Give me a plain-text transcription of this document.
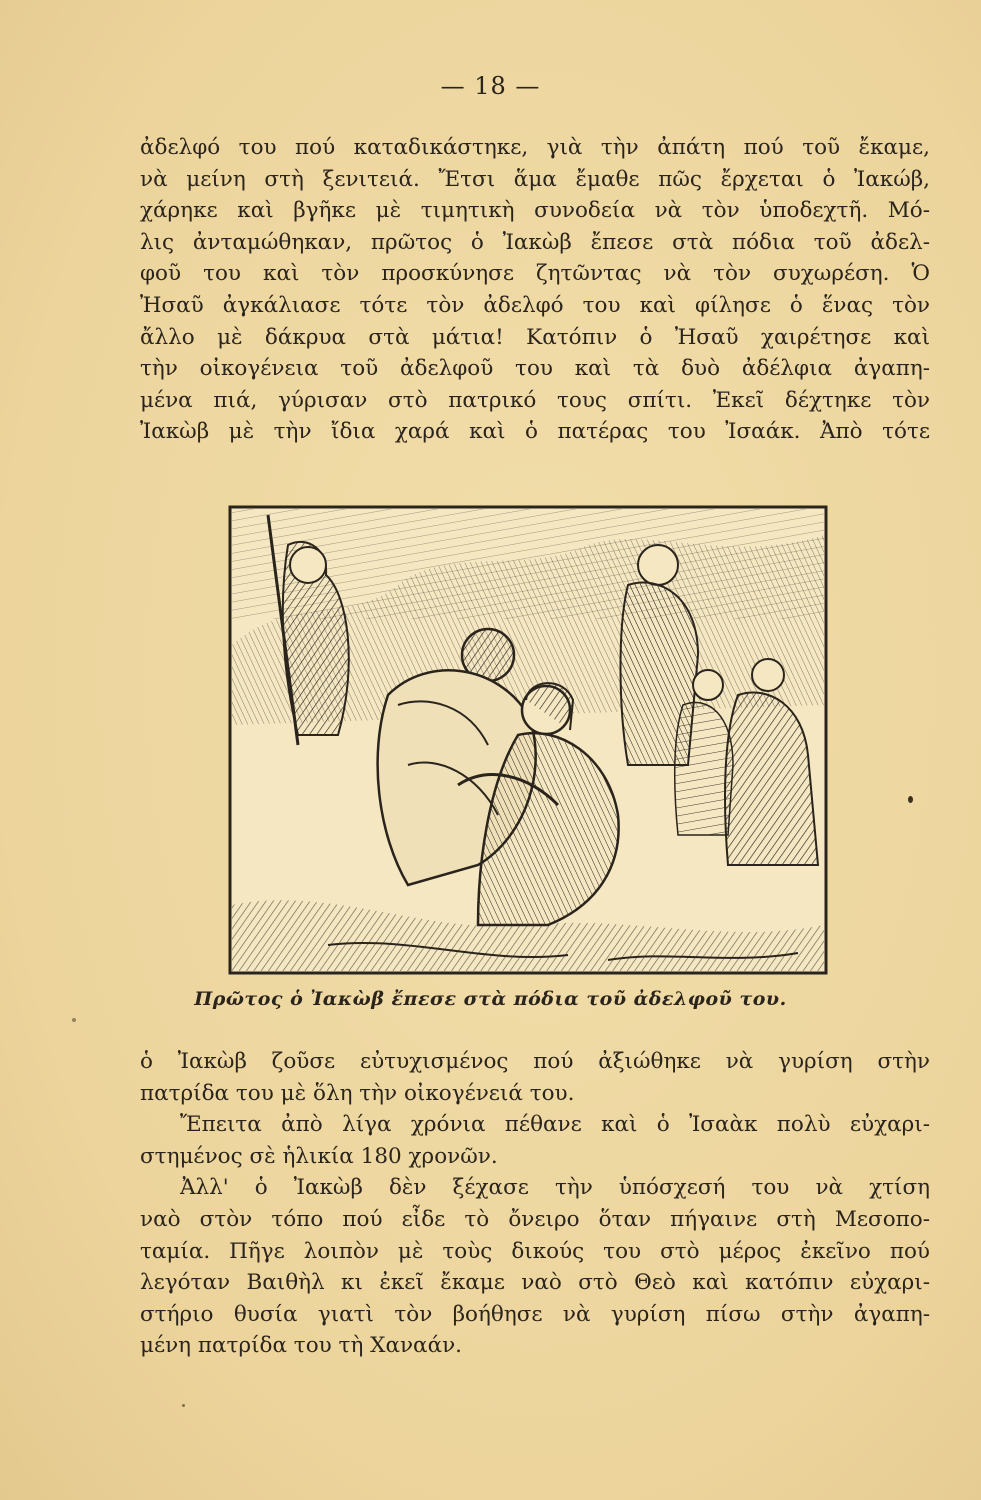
— 18 —
ἀδελφό του πού καταδικάστηκε, γιὰ τὴν ἀπάτη πού τοῦ ἔκαμε,
νὰ μείνη στὴ ξενιτειά. Ἔτσι ἅμα ἔμαθε πῶς ἔρχεται ὁ Ἰακώβ,
χάρηκε καὶ βγῆκε μὲ τιμητικὴ συνοδεία νὰ τὸν ὑποδεχτῆ. Μό-
λις ἀνταμώθηκαν, πρῶτος ὁ Ἰακὼβ ἔπεσε στὰ πόδια τοῦ ἀδελ-
φοῦ του καὶ τὸν προσκύνησε ζητῶντας νὰ τὸν συχωρέση. Ὁ
Ἠσαῦ ἀγκάλιασε τότε τὸν ἀδελφό του καὶ φίλησε ὁ ἕνας τὸν
ἄλλο μὲ δάκρυα στὰ μάτια! Κατόπιν ὁ Ἠσαῦ χαιρέτησε καὶ
τὴν οἰκογένεια τοῦ ἀδελφοῦ του καὶ τὰ δυὸ ἀδέλφια ἀγαπη-
μένα πιά, γύρισαν στὸ πατρικό τους σπίτι. Ἐκεῖ δέχτηκε τὸν
Ἰακὼβ μὲ τὴν ἴδια χαρά καὶ ὁ πατέρας του Ἰσαάκ. Ἀπὸ τότε
Πρῶτος ὁ Ἰακὼβ ἔπεσε στὰ πόδια τοῦ ἀδελφοῦ του.
ὁ Ἰακὼβ ζοῦσε εὐτυχισμένος πού ἀξιώθηκε νὰ γυρίση στὴν
πατρίδα του μὲ ὅλη τὴν οἰκογένειά του.
Ἔπειτα ἀπὸ λίγα χρόνια πέθανε καὶ ὁ Ἰσαὰκ πολὺ εὐχαρι-
στημένος σὲ ἡλικία 180 χρονῶν.
Ἀλλ' ὁ Ἰακὼβ δὲν ξέχασε τὴν ὑπόσχεσή του νὰ χτίση
ναὸ στὸν τόπο πού εἶδε τὸ ὄνειρο ὅταν πήγαινε στὴ Μεσοπο-
ταμία. Πῆγε λοιπὸν μὲ τοὺς δικούς του στὸ μέρος ἐκεῖνο πού
λεγόταν Βαιθὴλ κι ἐκεῖ ἔκαμε ναὸ στὸ Θεὸ καὶ κατόπιν εὐχαρι-
στήριο θυσία γιατὶ τὸν βοήθησε νὰ γυρίση πίσω στὴν ἀγαπη-
μένη πατρίδα του τὴ Χαναάν.
